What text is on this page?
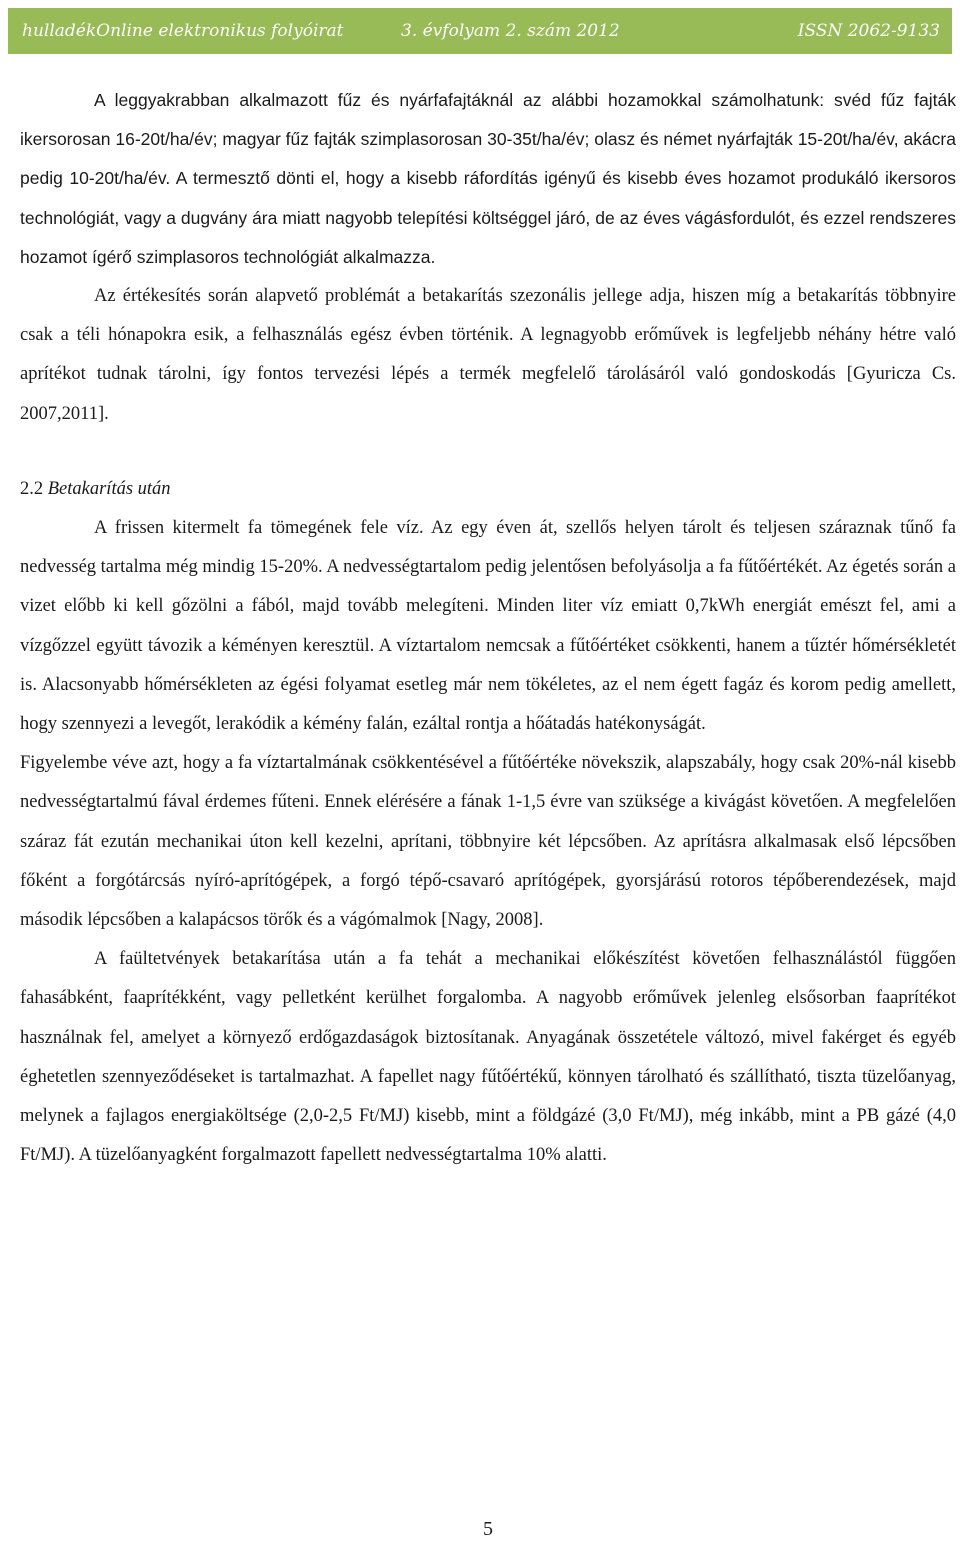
hulladékOnline elektronikus folyóirat	3. évfolyam 2. szám 2012	ISSN 2062-9133

A leggyakrabban alkalmazott fűz és nyárfafajtáknál az alábbi hozamokkal számolhatunk: svéd fűz fajták ikersorosan 16-20t/ha/év; magyar fűz fajták szimplasorosan 30-35t/ha/év; olasz és német nyárfajták 15-20t/ha/év, akácra pedig 10-20t/ha/év. A termesztő dönti el, hogy a kisebb ráfordítás igényű és kisebb éves hozamot produkáló ikersoros technológiát, vagy a dugvány ára miatt nagyobb telepítési költséggel járó, de az éves vágásfordulót, és ezzel rendszeres hozamot ígérő szimplasoros technológiát alkalmazza.

Az értékesítés során alapvető problémát a betakarítás szezonális jellege adja, hiszen míg a betakarítás többnyire csak a téli hónapokra esik, a felhasználás egész évben történik. A legnagyobb erőművek is legfeljebb néhány hétre való aprítékot tudnak tárolni, így fontos tervezési lépés a termék megfelelő tárolásáról való gondoskodás [Gyuricza Cs. 2007,2011].

2.2 Betakarítás után

A frissen kitermelt fa tömegének fele víz. Az egy éven át, szellős helyen tárolt és teljesen száraznak tűnő fa nedvesség tartalma még mindig 15-20%. A nedvességtartalom pedig jelentősen befolyásolja a fa fűtőértékét. Az égetés során a vizet előbb ki kell gőzölni a fából, majd tovább melegíteni. Minden liter víz emiatt 0,7kWh energiát emészt fel, ami a vízgőzzel együtt távozik a kéményen keresztül. A víztartalom nemcsak a fűtőértéket csökkenti, hanem a tűztér hőmérsékletét is. Alacsonyabb hőmérsékleten az égési folyamat esetleg már nem tökéletes, az el nem égett fagáz és korom pedig amellett, hogy szennyezi a levegőt, lerakódik a kémény falán, ezáltal rontja a hőátadás hatékonyságát.

Figyelembe véve azt, hogy a fa víztartalmának csökkentésével a fűtőértéke növekszik, alapszabály, hogy csak 20%-nál kisebb nedvességtartalmú fával érdemes fűteni. Ennek elérésére a fának 1-1,5 évre van szüksége a kivágást követően. A megfelelően száraz fát ezután mechanikai úton kell kezelni, aprítani, többnyire két lépcsőben. Az aprításra alkalmasak első lépcsőben főként a forgótárcsás nyíró-aprítógépek, a forgó tépő-csavaró aprítógépek, gyorsjárású rotoros tépőberendezések, majd második lépcsőben a kalapácsos törők és a vágómalmok [Nagy, 2008].

A faültetvények betakarítása után a fa tehát a mechanikai előkészítést követően felhasználástól függően fahasábként, faaprítékként, vagy pelletként kerülhet forgalomba. A nagyobb erőművek jelenleg elsősorban faaprítékot használnak fel, amelyet a környező erdőgazdaságok biztosítanak. Anyagának összetétele változó, mivel fakérget és egyéb éghetetlen szennyeződéseket is tartalmazhat. A fapellet nagy fűtőértékű, könnyen tárolható és szállítható, tiszta tüzelőanyag, melynek a fajlagos energiaköltsége (2,0-2,5 Ft/MJ) kisebb, mint a földgázé (3,0 Ft/MJ), még inkább, mint a PB gázé (4,0 Ft/MJ). A tüzelőanyagként forgalmazott fapellett nedvességtartalma 10% alatti.

5
